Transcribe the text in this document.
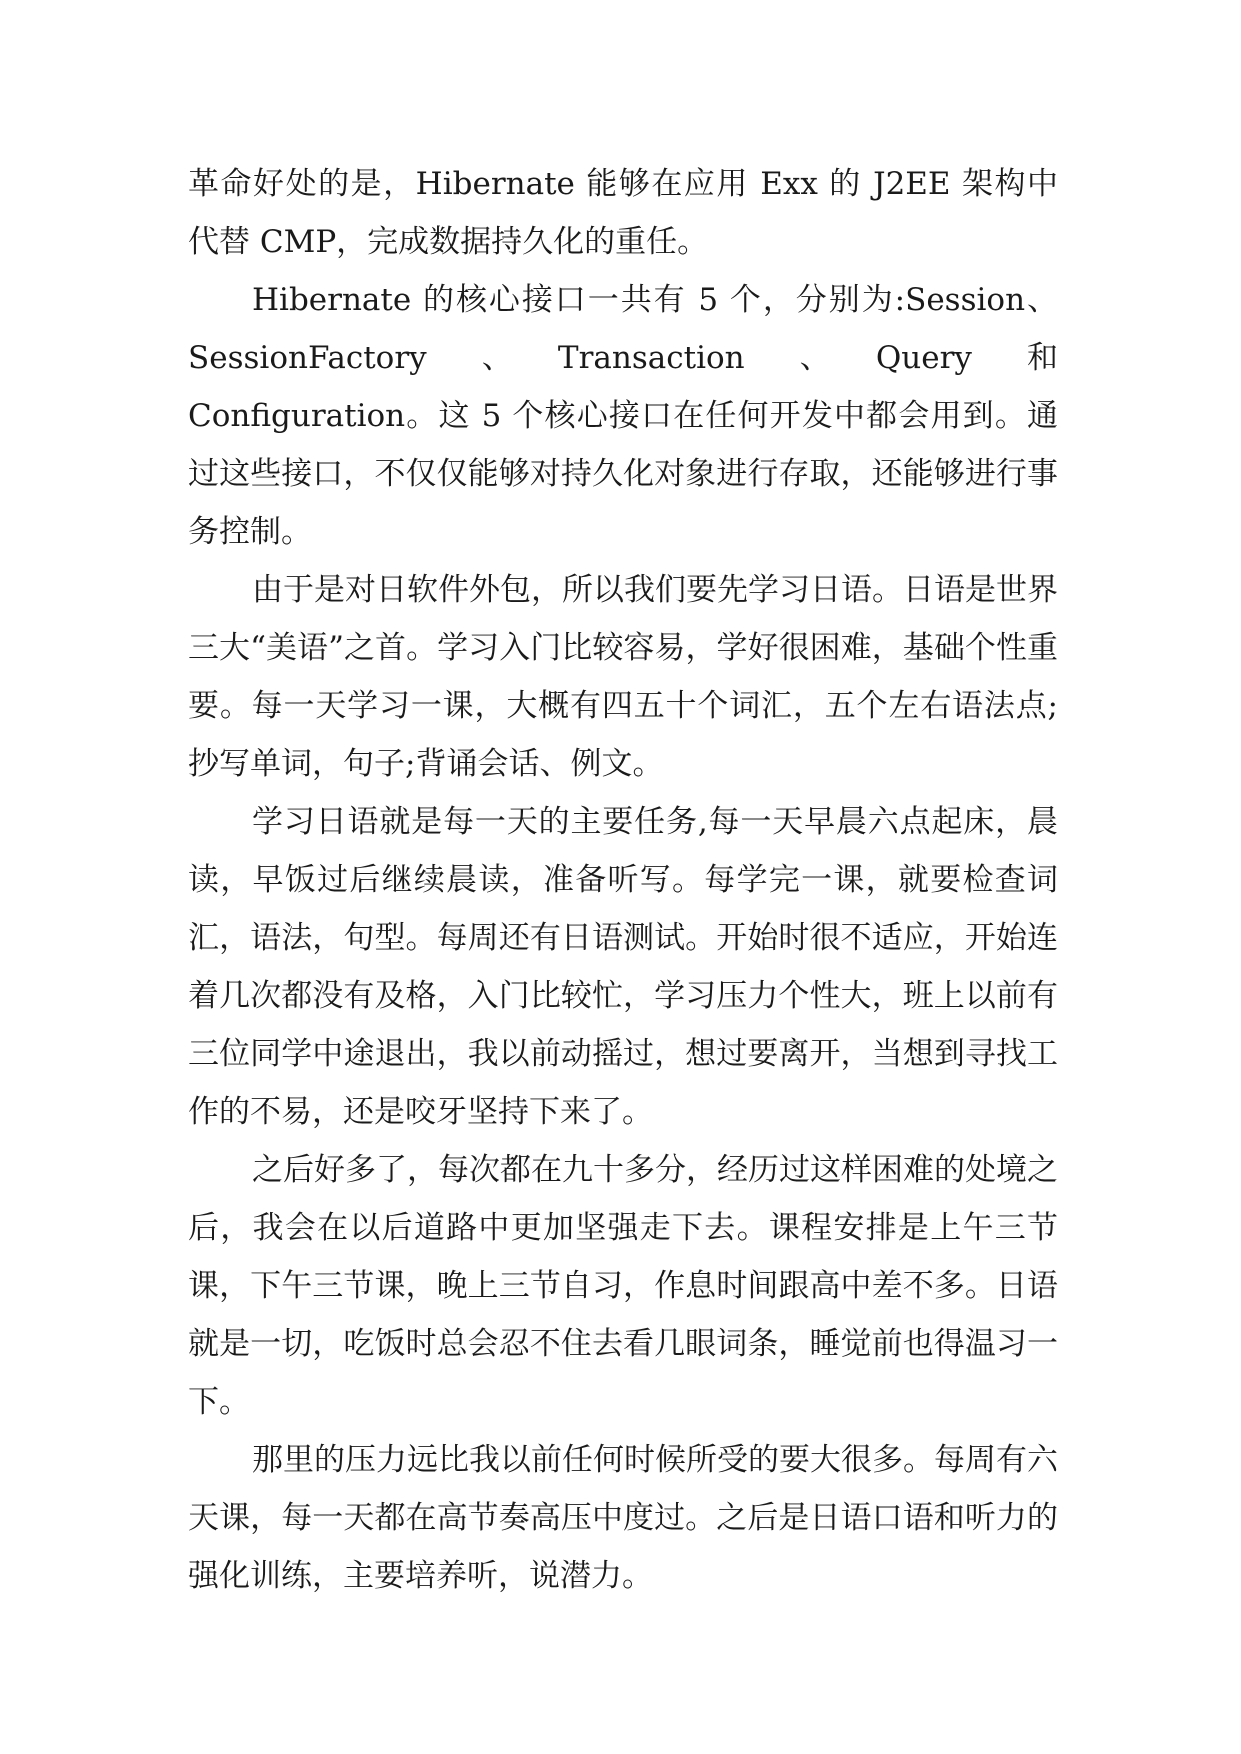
革命好处的是，Hibernate 能够在应用 Exx 的 J2EE 架构中代替 CMP，完成数据持久化的重任。

Hibernate 的核心接口一共有 5 个，分别为:Session、SessionFactory 、Transaction 、Query 和 Configuration。这 5 个核心接口在任何开发中都会用到。通过这些接口，不仅仅能够对持久化对象进行存取，还能够进行事务控制。

由于是对日软件外包，所以我们要先学习日语。日语是世界三大“美语”之首。学习入门比较容易，学好很困难，基础个性重要。每一天学习一课，大概有四五十个词汇，五个左右语法点;抄写单词，句子;背诵会话、例文。

学习日语就是每一天的主要任务,每一天早晨六点起床，晨读，早饭过后继续晨读，准备听写。每学完一课，就要检查词汇，语法，句型。每周还有日语测试。开始时很不适应，开始连着几次都没有及格，入门比较忙，学习压力个性大，班上以前有三位同学中途退出，我以前动摇过，想过要离开，当想到寻找工作的不易，还是咬牙坚持下来了。

之后好多了，每次都在九十多分，经历过这样困难的处境之后，我会在以后道路中更加坚强走下去。课程安排是上午三节课，下午三节课，晚上三节自习，作息时间跟高中差不多。日语就是一切，吃饭时总会忍不住去看几眼词条，睡觉前也得温习一下。

那里的压力远比我以前任何时候所受的要大很多。每周有六天课，每一天都在高节奏高压中度过。之后是日语口语和听力的强化训练，主要培养听，说潜力。
